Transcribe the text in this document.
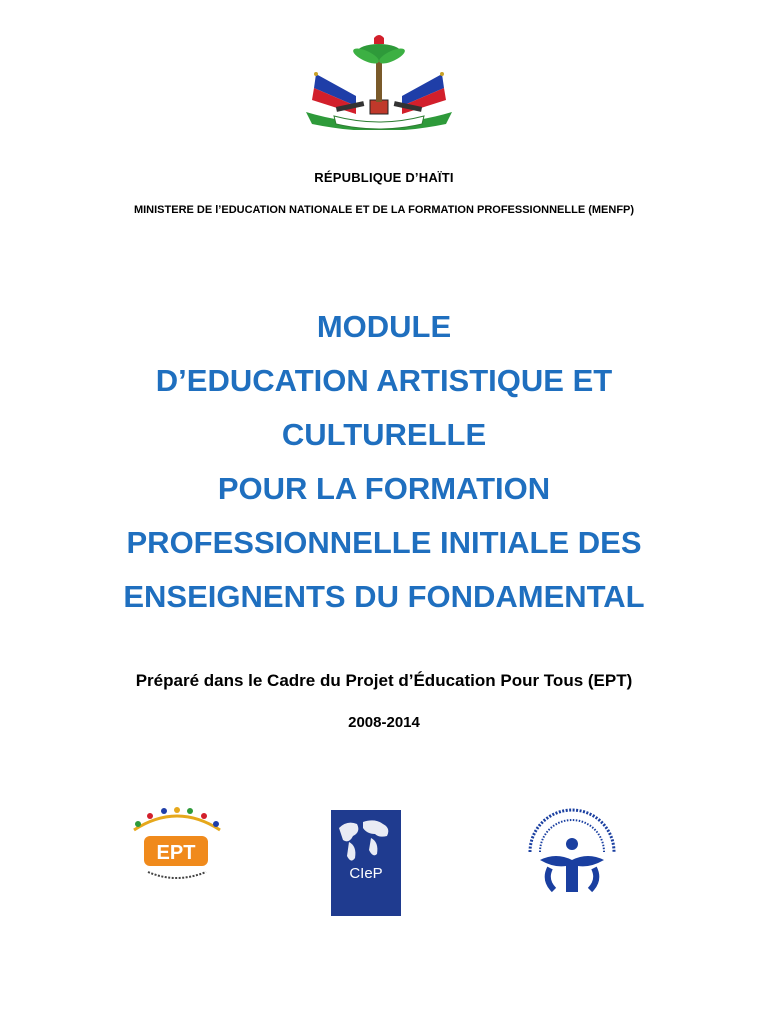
RÉPUBLIQUE D’HAÏTI
MINISTERE DE l’EDUCATION NATIONALE ET DE LA FORMATION PROFESSIONNELLE (MENFP)
MODULE
D’EDUCATION ARTISTIQUE ET
CULTURELLE
POUR LA FORMATION
PROFESSIONNELLE INITIALE DES
ENSEIGNENTS DU FONDAMENTAL
Préparé dans le Cadre du Projet d’Éducation Pour Tous (EPT)
2008-2014
EPT
CIeP
